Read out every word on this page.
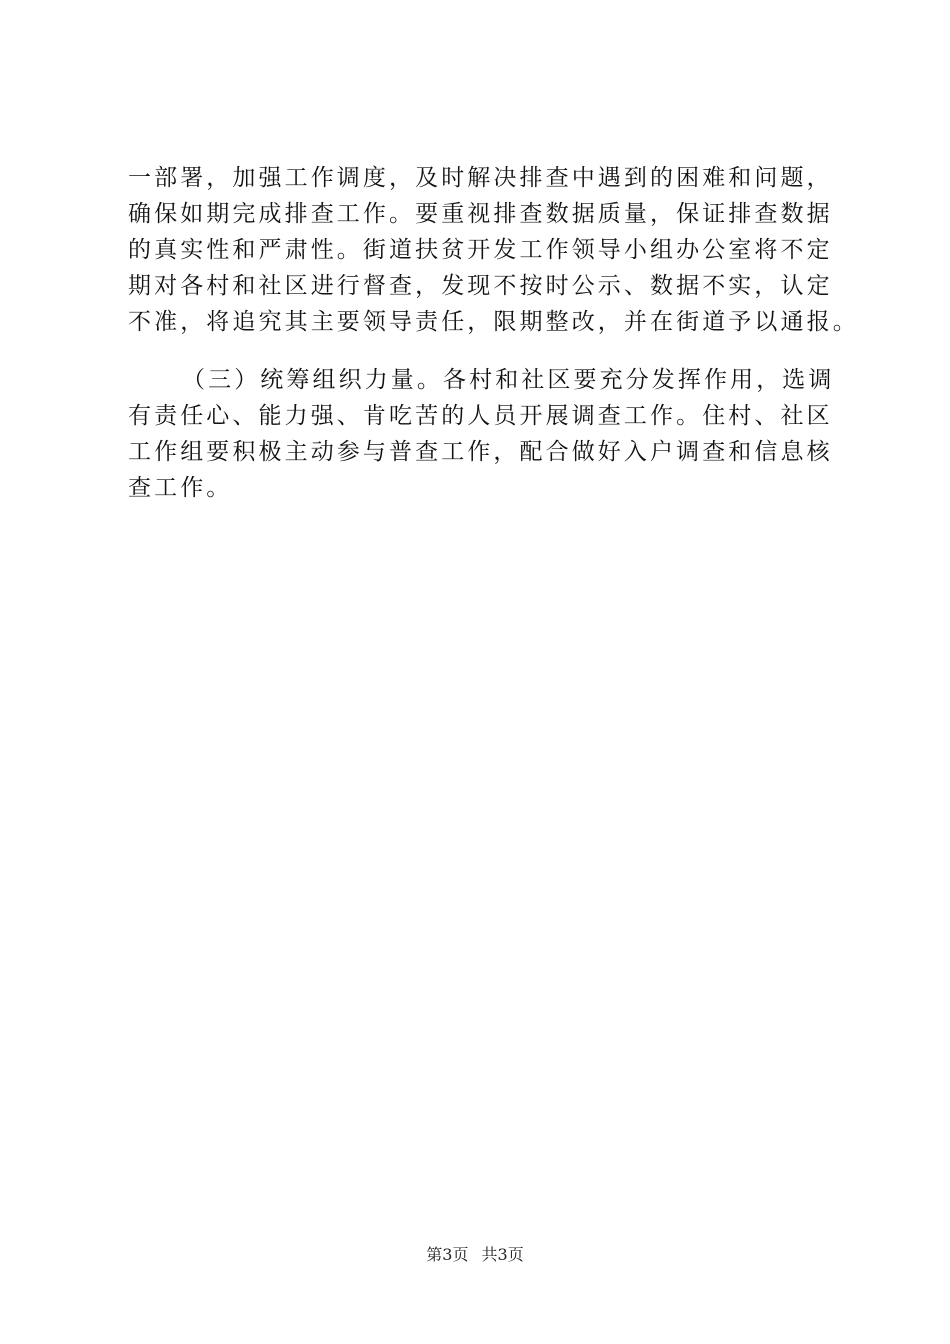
一部署，加强工作调度，及时解决排查中遇到的困难和问题，
确保如期完成排查工作。要重视排查数据质量，保证排查数据
的真实性和严肃性。街道扶贫开发工作领导小组办公室将不定
期对各村和社区进行督查，发现不按时公示、数据不实，认定
不准，将追究其主要领导责任，限期整改，并在街道予以通报。
（三）统筹组织力量。各村和社区要充分发挥作用，选调
有责任心、能力强、肯吃苦的人员开展调查工作。住村、社区
工作组要积极主动参与普查工作，配合做好入户调查和信息核
查工作。
第3页 共3页
